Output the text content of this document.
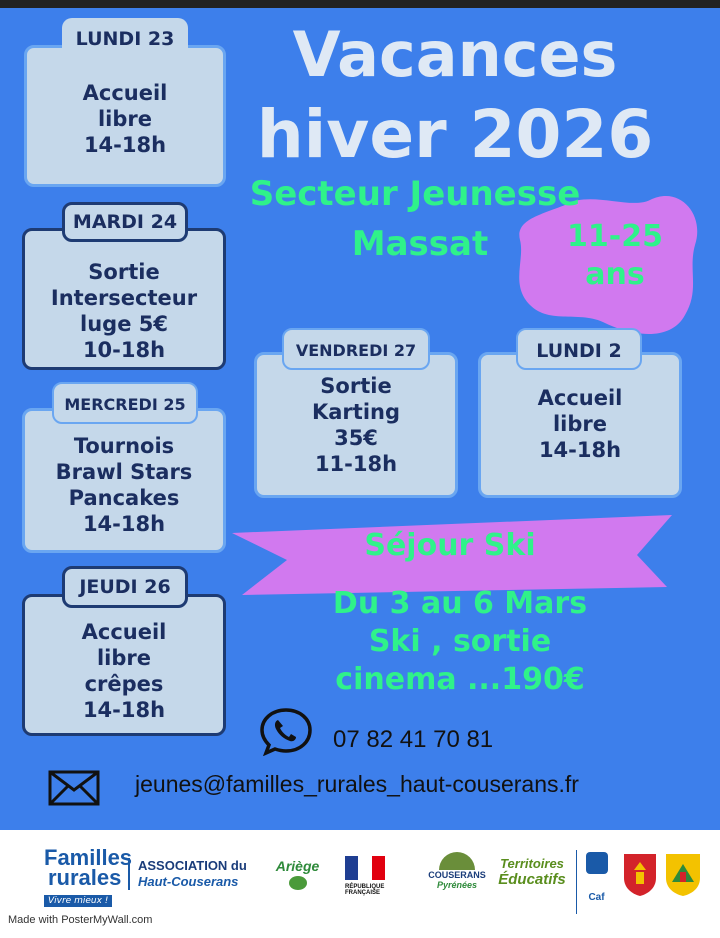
Vacances
hiver 2026
Secteur Jeunesse
Massat	11-25
ans
Accueil
libre
14-18h
LUNDI 23
Sortie
Intersecteur
luge 5€
10-18h
MARDI 24
Tournois
Brawl Stars
Pancakes
14-18h
MERCREDI 25
Accueil
libre
crêpes
14-18h
JEUDI 26
Sortie
Karting
35€
11-18h
VENDREDI 27
Accueil
libre
14-18h
LUNDI 2
Séjour Ski
Du 3 au 6 Mars
Ski , sortie
cinema ...190€
07 82 41 70 81
jeunes@familles_rurales_haut-couserans.fr
Familles
rurales
Vivre mieux !
ASSOCIATION du
Haut-Couserans
Ariège
RÉPUBLIQUE FRANÇAISE
COUSERANS
Pyrénées
Territoires
Éducatifs
Caf
Made with PosterMyWall.com
